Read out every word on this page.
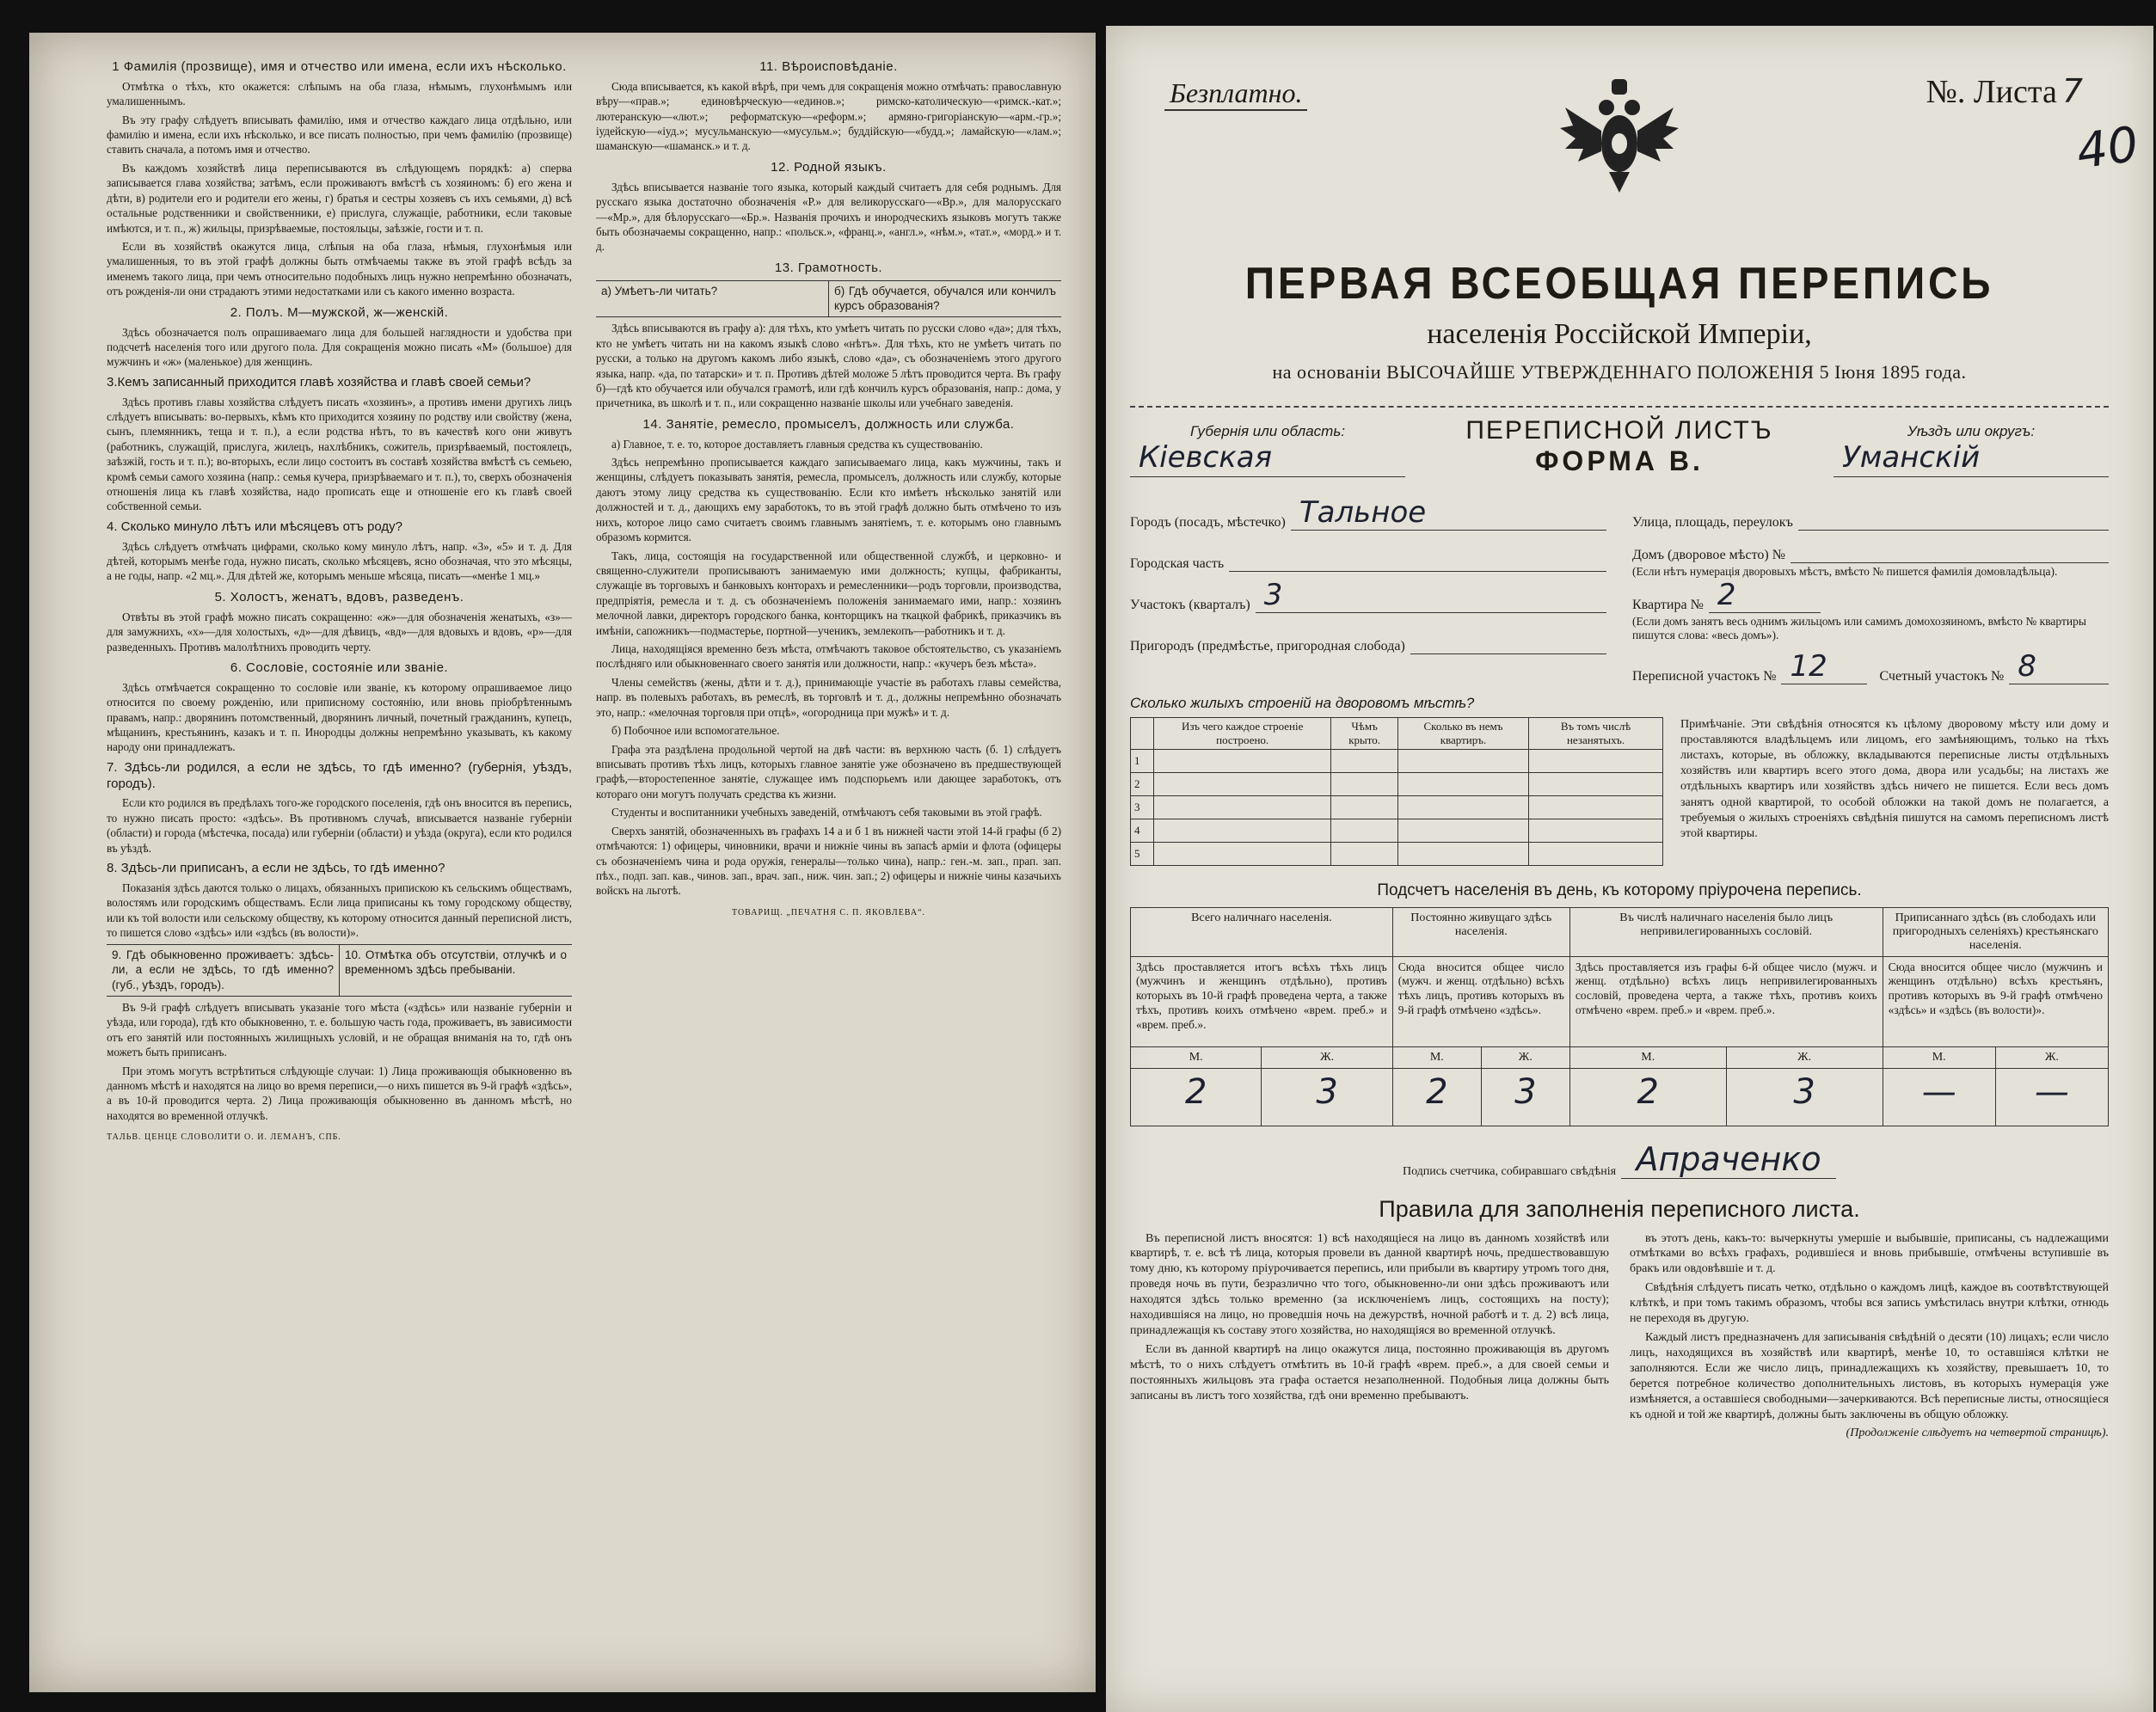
1 Фамилія (прозвище), имя и отчество или имена, если ихъ нѣсколько.

Отмѣтка о тѣхъ, кто окажется: слѣпымъ на оба глаза, нѣмымъ, глухонѣмымъ или умалишеннымъ.

Въ эту графу слѣдуетъ вписывать фамилію, имя и отчество каждаго лица отдѣльно, или фамилію и имена, если ихъ нѣсколько, и все писать полностью, при чемъ фамилію (прозвище) ставить сначала, а потомъ имя и отчество.

Въ каждомъ хозяйствѣ лица переписываются въ слѣдующемъ порядкѣ: а) сперва записывается глава хозяйства; затѣмъ, если проживаютъ вмѣстѣ съ хозяиномъ: б) его жена и дѣти, в) родители его и родители его жены, г) братья и сестры хозяевъ съ ихъ семьями, д) всѣ остальные родственники и свойственники, е) прислуга, служащіе, работники, если таковые имѣются, и т. п., ж) жильцы, призрѣваемые, постояльцы, заѣзжіе, гости и т. п.

Если въ хозяйствѣ окажутся лица, слѣпыя на оба глаза, нѣмыя, глухонѣмыя или умалишенныя, то въ этой графѣ должны быть отмѣчаемы также въ этой графѣ всѣдъ за именемъ такого лица, при чемъ относительно подобныхъ лицъ нужно непремѣнно обозначать, отъ рожденія-ли они страдаютъ этими недостатками или съ какого именно возраста.

2. Полъ. М—мужской, ж—женскій.

Здѣсь обозначается полъ опрашиваемаго лица для большей наглядности и удобства при подсчетѣ населенія того или другого пола. Для сокращенія можно писать «М» (большое) для мужчинъ и «ж» (маленькое) для женщинъ.

3.Кемъ записанный приходится главѣ хозяйства и главѣ своей семьи?

Здѣсь противъ главы хозяйства слѣдуетъ писать «хозяинъ», а противъ имени другихъ лицъ слѣдуетъ вписывать: во-первыхъ, кѣмъ кто приходится хозяину по родству или свойству (жена, сынъ, племянникъ, теща и т. п.), а если родства нѣтъ, то въ качествѣ кого они живутъ (работникъ, служащій, прислуга, жилецъ, нахлѣбникъ, сожитель, призрѣваемый, постоялецъ, заѣзжій, гость и т. п.); во-вторыхъ, если лицо состоитъ въ составѣ хозяйства вмѣстѣ съ семьею, кромѣ семьи самого хозяина (напр.: семья кучера, призрѣваемаго и т. п.), то, сверхъ обозначенія отношенія лица къ главѣ хозяйства, надо прописать еще и отношеніе его къ главѣ своей собственной семьи.

4. Сколько минуло лѣтъ или мѣсяцевъ отъ роду?

Здѣсь слѣдуетъ отмѣчать цифрами, сколько кому минуло лѣтъ, напр. «3», «5» и т. д. Для дѣтей, которымъ менѣе года, нужно писать, сколько мѣсяцевъ, ясно обозначая, что это мѣсяцы, а не годы, напр. «2 мц.». Для дѣтей же, которымъ меньше мѣсяца, писать—«менѣе 1 мц.»

5. Холостъ, женатъ, вдовъ, разведенъ.

Отвѣты въ этой графѣ можно писать сокращенно: «ж»—для обозначенія женатыхъ, «з»—для замужнихъ, «х»—для холостыхъ, «д»—для дѣвицъ, «вд»—для вдовыхъ и вдовъ, «р»—для разведенныхъ. Противъ малолѣтнихъ проводить черту.

6. Сословіе, состояніе или званіе.

Здѣсь отмѣчается сокращенно то сословіе или званіе, къ которому опрашиваемое лицо относится по своему рожденію, или приписному состоянію, или вновь пріобрѣтеннымъ правамъ, напр.: дворянинъ потомственный, дворянинъ личный, почетный гражданинъ, купецъ, мѣщанинъ, крестьянинъ, казакъ и т. п. Инородцы должны непремѣнно указывать, къ какому народу они принадлежатъ.

7. Здѣсь-ли родился, а если не здѣсь, то гдѣ именно? (губернія, уѣздъ, городъ).

Если кто родился въ предѣлахъ того-же городского поселенія, гдѣ онъ вносится въ перепись, то нужно писать просто: «здѣсь». Въ противномъ случаѣ, вписывается названіе губерніи (области) и города (мѣстечка, посада) или губерніи (области) и уѣзда (округа), если кто родился въ уѣздѣ.

8. Здѣсь-ли приписанъ, а если не здѣсь, то гдѣ именно?

Показанія здѣсь даются только о лицахъ, обязанныхъ припискою къ сельскимъ обществамъ, волостямъ или городскимъ обществамъ. Если лица приписаны къ тому городскому обществу, или къ той волости или сельскому обществу, къ которому относится данный переписной листъ, то пишется слово «здѣсь» или «здѣсь (въ волости)».

9. Гдѣ обыкновенно проживаетъ: здѣсь-ли, а если не здѣсь, то гдѣ именно? (губ., уѣздъ, городъ).
10. Отмѣтка объ отсутствіи, отлучкѣ и о временномъ здѣсь пребываніи.

Въ 9-й графѣ слѣдуетъ вписывать указаніе того мѣста («здѣсь» или названіе губерніи и уѣзда, или города), гдѣ кто обыкновенно, т. е. большую часть года, проживаетъ, въ зависимости отъ его занятій или постоянныхъ жилищныхъ условій, и не обращая вниманія на то, гдѣ онъ можетъ быть приписанъ.

При этомъ могутъ встрѣтиться слѣдующіе случаи: 1) Лица проживающія обыкновенно въ данномъ мѣстѣ и находятся на лицо во время переписи,—о нихъ пишется въ 9-й графѣ «здѣсь», а въ 10-й проводится черта. 2) Лица проживающія обыкновенно въ данномъ мѣстѣ, но находятся во временной отлучкѣ.

ТАЛЬВ. ЦЕНЦЕ СЛОВОЛИТИ О. И. ЛЕМАНЪ, СПБ.
11. Вѣроисповѣданіе.

Сюда вписывается, къ какой вѣрѣ, при чемъ для сокращенія можно отмѣчать: православную вѣру—«прав.»; единовѣрческую—«единов.»; римско-католическую—«римск.-кат.»; лютеранскую—«лют.»; реформатскую—«реформ.»; армяно-григоріанскую—«арм.-гр.»; іудейскую—«іуд.»; мусульманскую—«мусульм.»; буддійскую—«будд.»; ламайскую—«лам.»; шаманскую—«шаманск.» и т. д.

12. Родной языкъ.

Здѣсь вписывается названіе того языка, который каждый считаетъ для себя роднымъ. Для русскаго языка достаточно обозначенія «Р.» для великорусскаго—«Вр.», для малорусскаго—«Мр.», для бѣлорусскаго—«Бр.». Названія прочихъ и инородческихъ языковъ могутъ также быть обозначаемы сокращенно, напр.: «польск.», «франц.», «англ.», «нѣм.», «тат.», «морд.» и т. д.

13. Грамотность.
а) Умѣетъ-ли читать?	б) Гдѣ обучается, обучался или кончилъ курсъ образованія?

Здѣсь вписываются въ графу а): для тѣхъ, кто умѣетъ читать по русски слово «да»; для тѣхъ, кто не умѣетъ читать ни на какомъ языкѣ слово «нѣтъ». Для тѣхъ, кто не умѣетъ читать по русски, а только на другомъ какомъ либо языкѣ, слово «да», съ обозначеніемъ этого другого языка, напр. «да, по татарски» и т. п. Противъ дѣтей моложе 5 лѣтъ проводится черта. Въ графу б)—гдѣ кто обучается или обучался грамотѣ, или гдѣ кончилъ курсъ образованія, напр.: дома, у причетника, въ школѣ и т. п., или сокращенно названіе школы или учебнаго заведенія.

14. Занятіе, ремесло, промыселъ, должность или служба.

а) Главное, т. е. то, которое доставляетъ главныя средства къ существованію.

Здѣсь непремѣнно прописывается каждаго записываемаго лица, какъ мужчины, такъ и женщины, слѣдуетъ показывать занятія, ремесла, промыселъ, должность или службу, которые даютъ этому лицу средства къ существованію. Если кто имѣетъ нѣсколько занятій или должностей и т. д., дающихъ ему заработокъ, то въ этой графѣ должно быть отмѣчено то изъ нихъ, которое лицо само считаетъ своимъ главнымъ занятіемъ, т. е. которымъ оно главнымъ образомъ кормится.

Такъ, лица, состоящія на государственной или общественной службѣ, и церковно- и священно-служители прописываютъ занимаемую ими должность; купцы, фабриканты, служащіе въ торговыхъ и банковыхъ конторахъ и ремесленники—родъ торговли, производства, предпріятія, ремесла и т. д. съ обозначеніемъ положенія занимаемаго ими, напр.: хозяинъ мелочной лавки, директоръ городского банка, конторщикъ на ткацкой фабрикѣ, приказчикъ въ имѣніи, сапожникъ—подмастерье, портной—ученикъ, землекопъ—работникъ и т. д.

Лица, находящіяся временно безъ мѣста, отмѣчаютъ таковое обстоятельство, съ указаніемъ послѣдняго или обыкновеннаго своего занятія или должности, напр.: «кучеръ безъ мѣста».

Члены семействъ (жены, дѣти и т. д.), принимающіе участіе въ работахъ главы семейства, напр. въ полевыхъ работахъ, въ ремеслѣ, въ торговлѣ и т. д., должны непремѣнно обозначать это, напр.: «мелочная торговля при отцѣ», «огородница при мужѣ» и т. д.

б) Побочное или вспомогательное.

Графа эта раздѣлена продольной чертой на двѣ части: въ верхнюю часть (б. 1) слѣдуетъ вписывать противъ тѣхъ лицъ, которыхъ главное занятіе уже обозначено въ предшествующей графѣ,—второстепенное занятіе, служащее имъ подспорьемъ или дающее заработокъ, отъ котораго они могутъ получать средства къ жизни.

Студенты и воспитанники учебныхъ заведеній, отмѣчаютъ себя таковыми въ этой графѣ.

Сверхъ занятій, обозначенныхъ въ графахъ 14 а и б 1 въ нижней части этой 14-й графы (б 2) отмѣчаются: 1) офицеры, чиновники, врачи и нижніе чины въ запасѣ арміи и флота (офицеры съ обозначеніемъ чина и рода оружія, генералы—только чина), напр.: ген.-м. зап., прап. зап. пѣх., подп. зап. кав., чинов. зап., врач. зап., ниж. чин. зап.; 2) офицеры и нижніе чины казачьихъ войскъ на льготѣ.

ТОВАРИЩ. „ПЕЧАТНЯ С. П. ЯКОВЛЕВА“.
Безплатно.	№. Листа 7
40
ПЕРВАЯ ВСЕОБЩАЯ ПЕРЕПИСЬ
населенія Россійской Имперіи,
на основаніи ВЫСОЧАЙШЕ УТВЕРЖДЕННАГО ПОЛОЖЕНІЯ 5 Іюня 1895 года.
Губернія или область:
Кіевская
ПЕРЕПИСНОЙ ЛИСТЪ
ФОРМА В.
Уѣздъ или округъ:
Уманскій
Городъ (посадъ, мѣстечко) Тальное
Городская часть
Участокъ (кварталъ) 3
Пригородъ (предмѣстье, пригородная слобода)
Улица, площадь, переулокъ
Домъ (дворовое мѣсто) №
(Если нѣтъ нумерація дворовыхъ мѣстъ, вмѣсто № пишется фамилія домовладѣльца).
Квартира № 2
(Если домъ занятъ весь однимъ жильцомъ или самимъ домохозяиномъ, вмѣсто № квартиры пишутся слова: «весь домъ»).
Переписной участокъ № 12	Счетный участокъ № 8
Сколько жилыхъ строеній на дворовомъ мѣстѣ?
	Изъ чего каждое строеніе построено.	Чѣмъ крыто.	Сколько въ немъ квартиръ.	Въ томъ числѣ незанятыхъ.
1				
2				
3				
4				
5				
Примѣчаніе. Эти свѣдѣнія относятся къ цѣлому дворовому мѣсту или дому и проставляются владѣльцемъ или лицомъ, его замѣняющимъ, только на тѣхъ листахъ, которые, въ обложку, вкладываются переписные листы отдѣльныхъ хозяйствъ или квартиръ всего этого дома, двора или усадьбы; на листахъ же отдѣльныхъ квартиръ или хозяйствъ здѣсь ничего не пишется. Если весь домъ занятъ одной квартирой, то особой обложки на такой домъ не полагается, а требуемыя о жилыхъ строеніяхъ свѣдѣнія пишутся на самомъ переписномъ листѣ этой квартиры.
Подсчетъ населенія въ день, къ которому пріурочена перепись.
Всего наличнаго населенія.		Постоянно живущаго здѣсь населенія.		Въ числѣ наличнаго населенія было лицъ непривилегированныхъ сословій.		Приписаннаго здѣсь (въ слободахъ или пригородныхъ селеніяхъ) крестьянскаго населенія.	
Здѣсь проставляется итогъ всѣхъ тѣхъ лицъ (мужчинъ и женщинъ отдѣльно), противъ которыхъ въ 10-й графѣ проведена черта, а также тѣхъ, противъ коихъ отмѣчено «врем. преб.» и «врем. преб.».		Сюда вносится общее число (мужч. и женщ. отдѣльно) всѣхъ тѣхъ лицъ, противъ которыхъ въ 9-й графѣ отмѣчено «здѣсь».		Здѣсь проставляется изъ графы 6-й общее число (мужч. и женщ. отдѣльно) всѣхъ лицъ непривилегированныхъ сословій, проведена черта, а также тѣхъ, противъ коихъ отмѣчено «врем. преб.» и «врем. преб.».		Сюда вносится общее число (мужчинъ и женщинъ отдѣльно) всѣхъ крестьянъ, противъ которыхъ въ 9-й графѣ отмѣчено «здѣсь» и «здѣсь (въ волости)».	
М.	Ж.	М.	Ж.	М.	Ж.	М.	Ж.
2	3	2	3	2	3	—	—
Подпись счетчика, собиравшаго свѣдѣнія Апраченко
Правила для заполненія переписного листа.

Въ переписной листъ вносятся: 1) всѣ находящіеся на лицо въ данномъ хозяйствѣ или квартирѣ, т. е. всѣ тѣ лица, которыя провели въ данной квартирѣ ночь, предшествовавшую тому дню, къ которому пріурочивается перепись, или прибыли въ квартиру утромъ того дня, проведя ночь въ пути, безразлично что того, обыкновенно-ли они здѣсь проживаютъ или находятся здѣсь только временно (за исключеніемъ лицъ, состоящихъ на посту); находившіяся на лицо, но проведшія ночь на дежурствѣ, ночной работѣ и т. д. 2) всѣ лица, принадлежащія къ составу этого хозяйства, но находящіяся во временной отлучкѣ.

Если въ данной квартирѣ на лицо окажутся лица, постоянно проживающія въ другомъ мѣстѣ, то о нихъ слѣдуетъ отмѣтить въ 10-й графѣ «врем. преб.», а для своей семьи и постоянныхъ жильцовъ эта графа остается незаполненной. Подобныя лица должны быть записаны въ листъ того хозяйства, гдѣ они временно пребываютъ.

въ этотъ день, какъ-то: вычеркнуты умершіе и выбывшіе, приписаны, съ надлежащими отмѣтками во всѣхъ графахъ, родившіеся и вновь прибывшіе, отмѣчены вступившіе въ бракъ или овдовѣвшіе и т. д.

Свѣдѣнія слѣдуетъ писать четко, отдѣльно о каждомъ лицѣ, каждое въ соотвѣтствующей клѣткѣ, и при томъ такимъ образомъ, чтобы вся запись умѣстилась внутри клѣтки, отнюдь не переходя въ другую.

Каждый листъ предназначенъ для записыванія свѣдѣній о десяти (10) лицахъ; если число лицъ, находящихся въ хозяйствѣ или квартирѣ, менѣе 10, то оставшіяся клѣтки не заполняются. Если же число лицъ, принадлежащихъ къ хозяйству, превышаетъ 10, то берется потребное количество дополнительныхъ листовъ, въ которыхъ нумерація уже измѣняется, а оставшіеся свободными—зачеркиваются. Всѣ переписные листы, относящіеся къ одной и той же квартирѣ, должны быть заключены въ общую обложку.

(Продолженіе слѣдуетъ на четвертой страницѣ).
